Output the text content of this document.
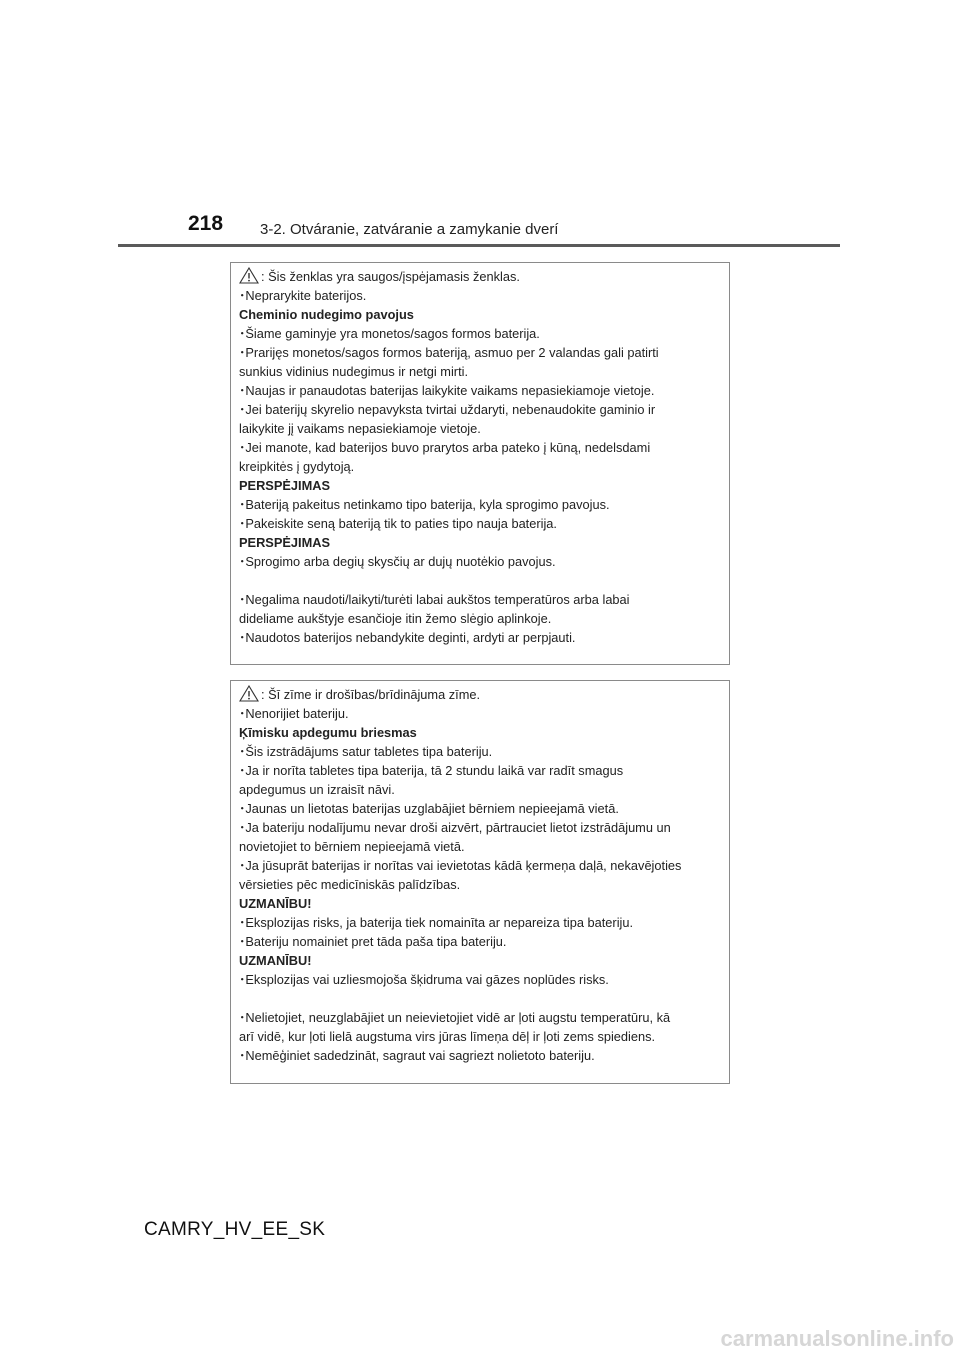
218 3-2. Otváranie, zatváranie a zamykanie dverí
: Šis ženklas yra saugos/įspėjamasis ženklas.
･Neprarykite baterijos.
Cheminio nudegimo pavojus
･Šiame gaminyje yra monetos/sagos formos baterija.
･Prarijęs monetos/sagos formos bateriją, asmuo per 2 valandas gali patirti
sunkius vidinius nudegimus ir netgi mirti.
･Naujas ir panaudotas baterijas laikykite vaikams nepasiekiamoje vietoje.
･Jei baterijų skyrelio nepavyksta tvirtai uždaryti, nebenaudokite gaminio ir
laikykite jį vaikams nepasiekiamoje vietoje.
･Jei manote, kad baterijos buvo prarytos arba pateko į kūną, nedelsdami
kreipkitės į gydytoją.
PERSPĖJIMAS
･Bateriją pakeitus netinkamo tipo baterija, kyla sprogimo pavojus.
･Pakeiskite seną bateriją tik to paties tipo nauja baterija.
PERSPĖJIMAS
･Sprogimo arba degių skysčių ar dujų nuotėkio pavojus.
･Negalima naudoti/laikyti/turėti labai aukštos temperatūros arba labai
dideliame aukštyje esančioje itin žemo slėgio aplinkoje.
･Naudotos baterijos nebandykite deginti, ardyti ar perpjauti.
: Šī zīme ir drošības/brīdinājuma zīme.
･Nenorijiet bateriju.
Ķīmisku apdegumu briesmas
･Šis izstrādājums satur tabletes tipa bateriju.
･Ja ir norīta tabletes tipa baterija, tā 2 stundu laikā var radīt smagus
apdegumus un izraisīt nāvi.
･Jaunas un lietotas baterijas uzglabājiet bērniem nepieejamā vietā.
･Ja bateriju nodalījumu nevar droši aizvērt, pārtrauciet lietot izstrādājumu un
novietojiet to bērniem nepieejamā vietā.
･Ja jūsuprāt baterijas ir norītas vai ievietotas kādā ķermeņa daļā, nekavējoties
vērsieties pēc medicīniskās palīdzības.
UZMANĪBU!
･Eksplozijas risks, ja baterija tiek nomainīta ar nepareiza tipa bateriju.
･Bateriju nomainiet pret tāda paša tipa bateriju.
UZMANĪBU!
･Eksplozijas vai uzliesmojoša šķidruma vai gāzes noplūdes risks.
･Nelietojiet, neuzglabājiet un neievietojiet vidē ar ļoti augstu temperatūru, kā
arī vidē, kur ļoti lielā augstuma virs jūras līmeņa dēļ ir ļoti zems spiediens.
･Nemēģiniet sadedzināt, sagraut vai sagriezt nolietoto bateriju.
CAMRY_HV_EE_SK
carmanualsonline.info
